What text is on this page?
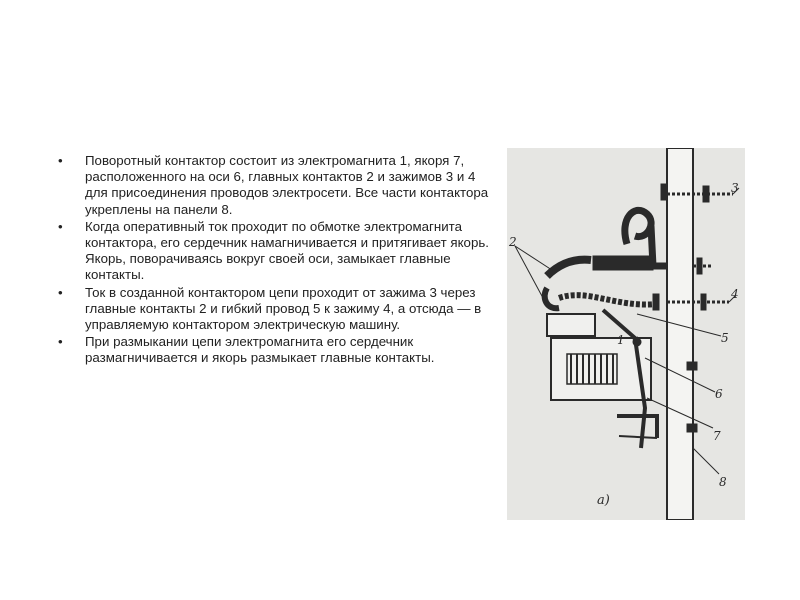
• Поворотный контактор состоит из электромагнита 1, якоря 7, расположенного на оси 6, главных контактов 2 и зажимов 3 и 4 для присоединения проводов электросети. Все части контактора укреплены на панели 8.
• Когда оперативный ток проходит по обмотке электромагнита контактора, его сердечник намагничивается и притягивает якорь. Якорь, поворачиваясь вокруг своей оси, замыкает главные контакты.
• Ток в созданной контактором цепи проходит от зажима 3 через главные контакты 2 и гибкий провод 5 к зажиму 4, а отсюда — в управляемую контактором электрическую машину.
• При размыкании цепи электромагнита его сердечник размагничивается и якорь размыкает главные контакты.
1
2
3
4
5
6
7
8
а)
